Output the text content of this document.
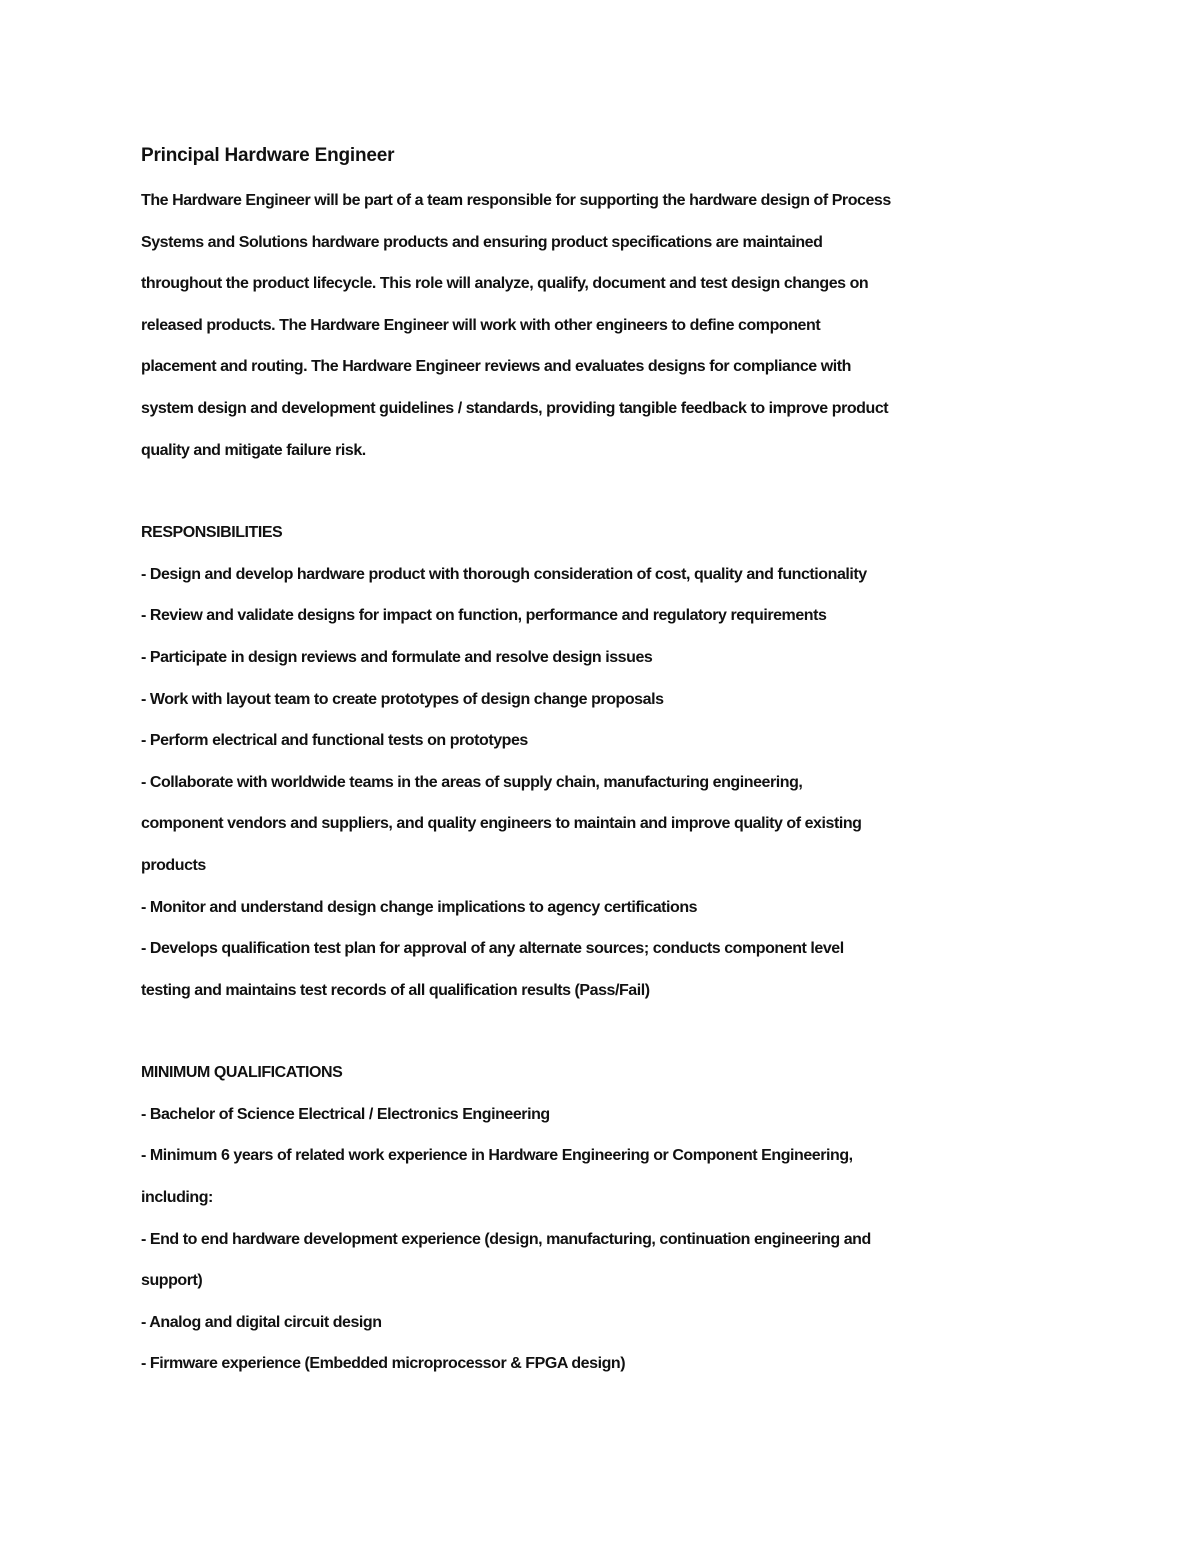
Principal Hardware Engineer

The Hardware Engineer will be part of a team responsible for supporting the hardware design of Process

Systems and Solutions hardware products and ensuring product specifications are maintained

throughout the product lifecycle. This role will analyze, qualify, document and test design changes on

released products. The Hardware Engineer will work with other engineers to define component

placement and routing. The Hardware Engineer reviews and evaluates designs for compliance with

system design and development guidelines / standards, providing tangible feedback to improve product

quality and mitigate failure risk.

RESPONSIBILITIES

- Design and develop hardware product with thorough consideration of cost, quality and functionality

- Review and validate designs for impact on function, performance and regulatory requirements

- Participate in design reviews and formulate and resolve design issues

- Work with layout team to create prototypes of design change proposals

- Perform electrical and functional tests on prototypes

- Collaborate with worldwide teams in the areas of supply chain, manufacturing engineering,

component vendors and suppliers, and quality engineers to maintain and improve quality of existing

products

- Monitor and understand design change implications to agency certifications

- Develops qualification test plan for approval of any alternate sources; conducts component level

testing and maintains test records of all qualification results (Pass/Fail)

MINIMUM QUALIFICATIONS

- Bachelor of Science Electrical / Electronics Engineering

- Minimum 6 years of related work experience in Hardware Engineering or Component Engineering,

including:

- End to end hardware development experience (design, manufacturing, continuation engineering and

support)

- Analog and digital circuit design

- Firmware experience (Embedded microprocessor & FPGA design)
